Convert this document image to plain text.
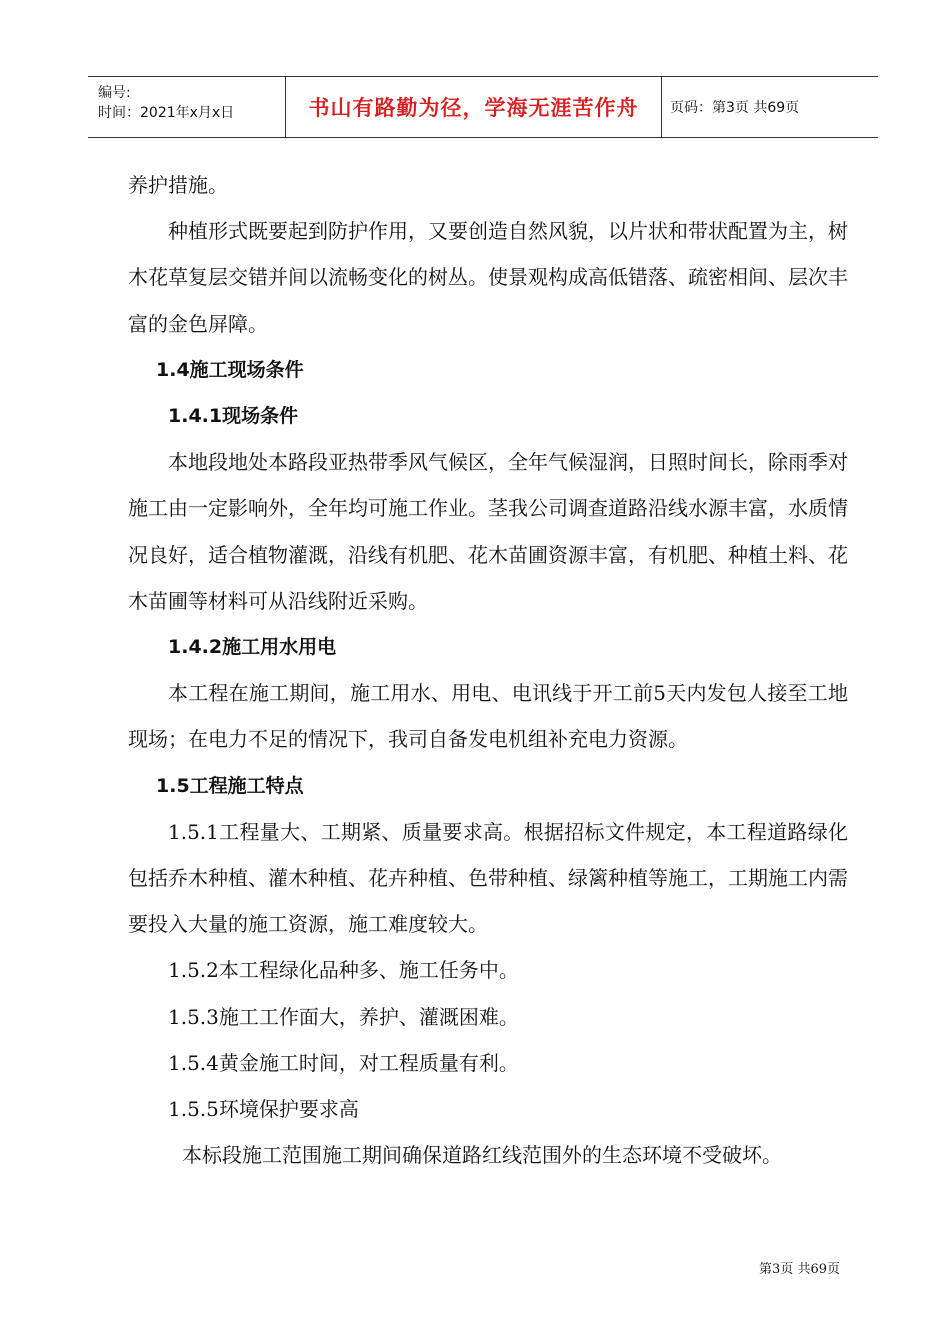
编号:
时间：2021年x月x日	书山有路勤为径，学海无涯苦作舟	页码：第3页 共69页

养护措施。

种植形式既要起到防护作用，又要创造自然风貌，以片状和带状配置为主，树木花草复层交错并间以流畅变化的树丛。使景观构成高低错落、疏密相间、层次丰富的金色屏障。

1.4施工现场条件

1.4.1现场条件

本地段地处本路段亚热带季风气候区，全年气候湿润，日照时间长，除雨季对施工由一定影响外，全年均可施工作业。茎我公司调查道路沿线水源丰富，水质情况良好，适合植物灌溉，沿线有机肥、花木苗圃资源丰富，有机肥、种植土料、花木苗圃等材料可从沿线附近采购。

1.4.2施工用水用电

本工程在施工期间，施工用水、用电、电讯线于开工前5天内发包人接至工地现场；在电力不足的情况下，我司自备发电机组补充电力资源。

1.5工程施工特点

1.5.1工程量大、工期紧、质量要求高。根据招标文件规定，本工程道路绿化包括乔木种植、灌木种植、花卉种植、色带种植、绿篱种植等施工，工期施工内需要投入大量的施工资源，施工难度较大。

1.5.2本工程绿化品种多、施工任务中。

1.5.3施工工作面大，养护、灌溉困难。

1.5.4黄金施工时间，对工程质量有利。

1.5.5环境保护要求高

本标段施工范围施工期间确保道路红线范围外的生态环境不受破坏。

第3页 共69页
